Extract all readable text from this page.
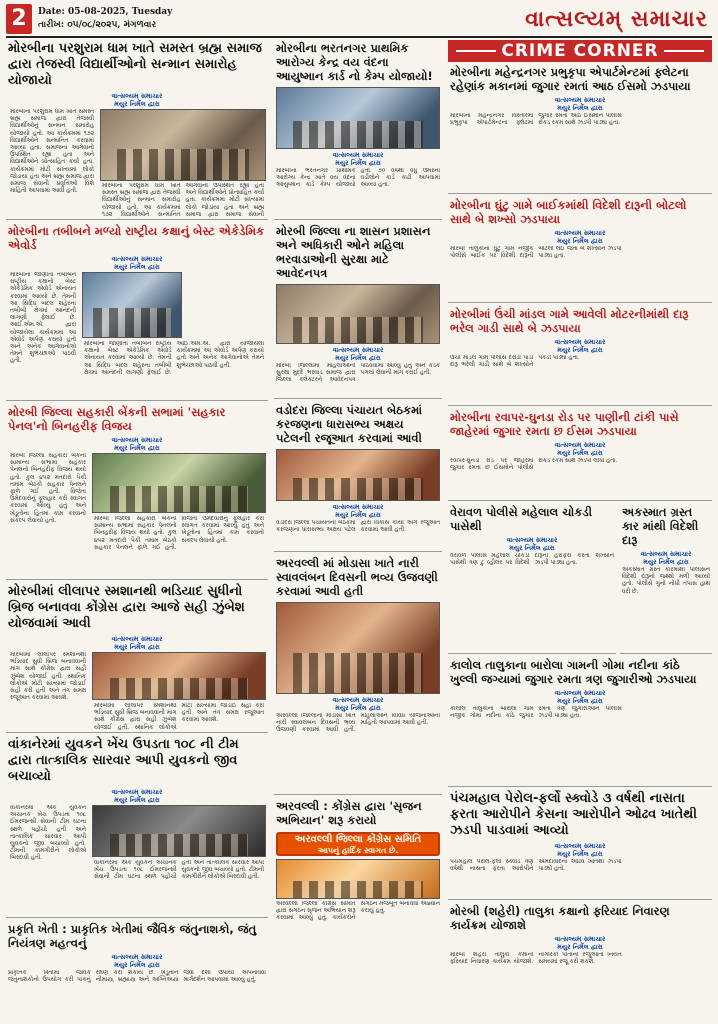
2	Date: 05-08-2025, Tuesday
તારીખ: ૦૫/૦૮/૨૦૨૫, મંગળવાર	વાત્સલ્યમ્ સમાચાર
મોરબીના પરશુરામ ધામ ખાતે સમસ્ત બ્રહ્મ સમાજ દ્વારા તેજસ્વી વિદ્યાર્થીઓનો સન્માન સમારોહ યોજાયો
વાત્સલ્યમ્ સમાચાર
મયુર નિર્મલ દ્વારા
મોરબીના પરશુરામ ધામ ખાતે સમસ્ત બ્રહ્મ સમાજ દ્વારા તેજસ્વી વિદ્યાર્થીઓનું સન્માન સમારોહ યોજાયો હતો. આ કાર્યક્રમમાં ૧૭૨ વિદ્યાર્થીઓને સન્માનિત કરવામાં આવ્યા હતા. સમાજના આગેવાનો ઉપસ્થિત રહ્યા હતા અને વિદ્યાર્થીઓને પ્રોત્સાહિત કર્યા હતા. કાર્યક્રમમાં મોટી સંખ્યામાં લોકો જોડાયા હતા અને બ્રહ્મ સમાજ દ્વારા સમાજ સેવાની પ્રવૃત્તિઓ વિશે માહિતી આપવામાં આવી હતી.
મોરબીના પરશુરામ ધામ ખાતે સમસ્ત બ્રહ્મ સમાજ દ્વારા તેજસ્વી વિદ્યાર્થીઓનું સન્માન સમારોહ યોજાયો હતો. આ કાર્યક્રમમાં ૧૭૨ વિદ્યાર્થીઓને સન્માનિત આગેવાનો ઉપસ્થિત રહ્યા હતા અને વિદ્યાર્થીઓને પ્રોત્સાહિત કર્યા હતા. કાર્યક્રમમાં મોટી સંખ્યામાં લોકો જોડાયા હતા અને બ્રહ્મ સમાજ દ્વારા સમાજ સેવાની
મોરબીના તબીબને મળ્યો રાષ્ટ્રીય કક્ષાનું બેસ્ટ એકેડેમિક એવોર્ડ
વાત્સલ્યમ્ સમાચાર
મયુર નિર્મલ દ્વારા
મોરબીના જાણીતા તબીબને રાષ્ટ્રીય કક્ષાનો બેસ્ટ એકેડેમિક એવોર્ડ એનાયત કરવામાં આવ્યો છે. તેમની આ સિદ્ધિ બદલ શહેરના તબીબી ક્ષેત્રમાં આનંદની લાગણી ફેલાઈ છે. આઈ.એમ.એ. દ્વારા યોજાયેલા કાર્યક્રમમાં આ એવોર્ડ અર્પણ કરાયો હતો અને અનેક આગેવાનોએ તેમને શુભેચ્છાઓ પાઠવી હતી.
મોરબીના જાણીતા તબીબને રાષ્ટ્રીય કક્ષાનો બેસ્ટ એકેડેમિક એવોર્ડ એનાયત કરવામાં આવ્યો છે. તેમની આ સિદ્ધિ બદલ શહેરના તબીબી ક્ષેત્રમાં આનંદની લાગણી ફેલાઈ છે. આઈ.એમ.એ. દ્વારા યોજાયેલા કાર્યક્રમમાં આ એવોર્ડ અર્પણ કરાયો હતો અને અનેક આગેવાનોએ તેમને શુભેચ્છાઓ પાઠવી હતી.
મોરબી જિલ્લા સહકારી બેંકની સભામાં 'સહકાર પેનલ'નો બિનહરીફ વિજય
વાત્સલ્યમ્ સમાચાર
મયુર નિર્મલ દ્વારા
મોરબી જિલ્લા સહકારી બેંકની સામાન્ય સભામાં સહકાર પેનલનો બિનહરીફ વિજય થયો હતો. કુલ ૪૫૨ મતદારો પૈકી તમામ બેઠકો સહકાર પેનલને ફાળે ગઈ હતી. વિજેતા ઉમેદવારોનું ફૂલહાર કરી સ્વાગત કરવામાં આવ્યું હતું અને ખેડૂતોના હિતમાં કામ કરવાનો સંકલ્પ લેવાયો હતો.	મોરબી જિલ્લા સહકારી બેંકની સામાન્ય સભામાં સહકાર પેનલનો બિનહરીફ વિજય થયો હતો. કુલ ૪૫૨ મતદારો પૈકી તમામ બેઠકો સહકાર પેનલને ફાળે ગઈ હતી. વિજેતા ઉમેદવારોનું ફૂલહાર કરી સ્વાગત કરવામાં આવ્યું હતું અને ખેડૂતોના હિતમાં કામ કરવાનો સંકલ્પ લેવાયો હતો.
મોરબીમાં લીલાપર સ્મશાનથી ભડિયાદ સુધીનો બ્રિજ બનાવવા કોંગ્રેસ દ્વારા આજે સહી ઝુંબેશ યોજવામાં આવી
વાત્સલ્યમ્ સમાચાર
મયુર નિર્મલ દ્વારા
મોરબીમાં લીલાપર સ્મશાનથી ભડિયાદ સુધી બ્રિજ બનાવવાની માંગ સાથે કોંગ્રેસ દ્વારા સહી ઝુંબેશ યોજાઈ હતી. સ્થાનિક લોકોએ મોટી સંખ્યામાં જોડાઈ સહી કરી હતી અને તંત્ર સમક્ષ રજૂઆત કરવામાં આવશે.
મોરબીમાં લીલાપર સ્મશાનથી ભડિયાદ સુધી બ્રિજ બનાવવાની માંગ સાથે કોંગ્રેસ દ્વારા સહી ઝુંબેશ યોજાઈ હતી. સ્થાનિક લોકોએ મોટી સંખ્યામાં જોડાઈ સહી કરી હતી અને તંત્ર સમક્ષ રજૂઆત કરવામાં આવશે.
વાંકાનેરમાં યુવકને ખેંચ ઉપડતા ૧૦૮ ની ટીમ દ્વારા તાત્કાલિક સારવાર આપી યુવકનો જીવ બચાવ્યો
વાત્સલ્યમ્ સમાચાર
મયુર નિર્મલ દ્વારા
વાંકાનેરમાં એક યુવકને અચાનક ખેંચ ઉપડતા ૧૦૮ ઈમરજન્સી સેવાની ટીમ ઘટના સ્થળે પહોંચી હતી અને તાત્કાલિક સારવાર આપી યુવકનો જીવ બચાવ્યો હતો. ટીમની કામગીરીને લોકોએ બિરદાવી હતી.
વાંકાનેરમાં એક યુવકને અચાનક ખેંચ ઉપડતા ૧૦૮ ઈમરજન્સી સેવાની ટીમ ઘટના સ્થળે પહોંચી હતી અને તાત્કાલિક સારવાર આપી યુવકનો જીવ બચાવ્યો હતો. ટીમની કામગીરીને લોકોએ બિરદાવી હતી.
પ્રકૃતિ ખેતી : પ્રાકૃતિક ખેતીમાં જૈવિક જંતુનાશકો, જંતુ નિયંત્રણ મહત્વનું
વાત્સલ્યમ્ સમાચાર
મયુર નિર્મલ દ્વારા
પ્રાકૃતિક ખેતીમાં જૈવિક જંતુનાશકોનો ઉપયોગ કરી પાકનું રક્ષણ કરી શકાય છે. ખેડૂતોને નીમાસ્ત્ર, બ્રહ્માસ્ત્ર અને અગ્નિઅસ્ત્ર જેવા દેશી ઉપાયો અપનાવવા માર્ગદર્શન આપવામાં આવ્યું હતું.
મોરબીના ભરતનગર પ્રાથમિક આરોગ્ય કેન્દ્ર વય વંદના આયુષ્માન કાર્ડ નો કેમ્પ યોજાયો!
વાત્સલ્યમ્ સમાચાર
મયુર નિર્મલ દ્વારા
મોરબીના ભરતનગર પ્રાથમિક આરોગ્ય કેન્દ્ર ખાતે વય વંદના આયુષ્માન કાર્ડ કેમ્પ યોજાયો હતો. ૭૦ વર્ષથી વધુ ઉંમરના વડીલોને કાર્ડ કાઢી આપવામાં આવ્યા હતા.
મોરબી જિલ્લા ના શાસન પ્રશાસન અને અધિકારી ઓને મહિલા ભરવાડાઓની સુરક્ષા માટે આવેદનપત્ર
વાત્સલ્યમ્ સમાચાર
મયુર નિર્મલ દ્વારા
મોરબી જિલ્લામાં મહિલાઓની સુરક્ષા મુદ્દે ભરવાડ સમાજ દ્વારા જિલ્લા કલેક્ટરને આવેદનપત્ર પાઠવવામાં આવ્યું હતું અને કડક પગલાં લેવાની માંગ કરાઈ હતી.
વડોદરા જિલ્લા પંચાયત બેઠકમાં કરજણના ધારાસભ્ય અક્ષય પટેલની રજૂઆત કરવામાં આવી
વાત્સલ્યમ્ સમાચાર
મયુર નિર્મલ દ્વારા
વડોદરા જિલ્લા પંચાયતની બેઠકમાં કરજણના ધારાસભ્ય અક્ષય પટેલ દ્વારા વિકાસ કાર્યો અંગે રજૂઆત કરવામાં આવી હતી.
અરવલ્લી માં મોડાસા ખાતે નારી સ્વાવલંબન દિવસની ભવ્ય ઉજવણી કરવામાં આવી હતી
વાત્સલ્યમ્ સમાચાર
મયુર નિર્મલ દ્વારા
અરવલ્લી જિલ્લાના મોડાસા ખાતે નારી સ્વાવલંબન દિવસની ભવ્ય ઉજવણી કરવામાં આવી હતી. મહિલાઓને વિવિધ યોજનાઓની માહિતી આપવામાં આવી હતી.
અરવલ્લી : કોંગ્રેસ દ્વારા 'સૃજન અભિયાન' શરૂ કરાયો
અરવલ્લી જિલ્લા કોંગ્રેસ સમિતિ
આપનું હાર્દિક સ્વાગત છે.
અરવલ્લી જિલ્લા કોંગ્રેસ સમિતિ દ્વારા સંગઠન સૃજન અભિયાન શરૂ કરવામાં આવ્યું હતું. કાર્યકરોને સંગઠન મજબૂત બનાવવા આહ્વાન કરાયું હતું.
CRIME CORNER
મોરબીના મહેન્દ્રનગર પ્રભુકૃપા એપાર્ટમેન્ટમાં ફ્લેટના રહેણાંક મકાનમાં જુગાર રમતાં આઠ ઈસમો ઝડપાયા
વાત્સલ્યમ્ સમાચાર
મયુર નિર્મલ દ્વારા
મોરબીના મહેન્દ્રનગર વિસ્તારમાં પ્રભુકૃપા એપાર્ટમેન્ટના ફ્લેટમાં જુગાર રમતા આઠ ઈસમોને પોલીસે રોકડ રકમ સાથે ઝડપી પાડ્યા હતા.
મોરબીના ઘુંટુ ગામે બાઈકમાંથી વિદેશી દારૂની બોટલો સાથે બે શખ્સો ઝડપાયા
વાત્સલ્યમ્ સમાચાર
મયુર નિર્મલ દ્વારા
મોરબી તાલુકાના ઘુંટુ ગામ નજીક પોલીસે બાઈક પર વિદેશી દારૂની બોટલો લઈ જતા બે શખ્સોને ઝડપી પાડ્યા હતા.
મોરબીમાં ઉંચી માંડલ ગામે આવેલી મોટરનીમાંથી દારૂ ભરેલ ગાડી સાથે બે ઝડપાયા
વાત્સલ્યમ્ સમાચાર
મયુર નિર્મલ દ્વારા
ઉંચી માંડલ ગામે પોલીસે દરોડો પાડી દારૂ ભરેલી ગાડી સાથે બે શખ્સોને પકડી પાડ્યા હતા.
મોરબીના રવાપર-ઘુનડા રોડ પર પાણીની ટાંકી પાસે જાહેરમાં જુગાર રમતા છ ઈસમ ઝડપાયા
વાત્સલ્યમ્ સમાચાર
મયુર નિર્મલ દ્વારા
રવાપર-ઘુનડા રોડ પર જાહેરમાં જુગાર રમતા છ ઈસમોને પોલીસે રોકડ રકમ સાથે ઝડપી લીધા હતા.
વેરાવળ પોલીસે મહેલાલ ચોકડી પાસેથી
વાત્સલ્યમ્ સમાચાર
મયુર નિર્મલ દ્વારા
વેરાવળ પોલીસે મહેલાલ ચોકડી પાસેથી ત્રણ ટુ વ્હીલર પર વિદેશી દારૂની હેરાફેરી કરતા શખ્સોને ઝડપી પાડ્યા હતા.
અકસ્માત ગ્રસ્ત કાર માંથી વિદેશી દારૂ
વાત્સલ્યમ્ સમાચાર
મયુર નિર્મલ દ્વારા
અકસ્માત ગ્રસ્ત કારમાંથી પોલીસને વિદેશી દારૂનો જથ્થો મળી આવ્યો હતો. પોલીસે ગુનો નોંધી તપાસ હાથ ધરી છે.
કાલોલ તાલુકાના બારોલા ગામની ગોમા નદીના કાંઠે ખુલ્લી જગ્યામાં જુગાર રમતા ત્રણ જુગારીઓ ઝડપાયા
વાત્સલ્યમ્ સમાચાર
મયુર નિર્મલ દ્વારા
કાલોલ તાલુકાના બારોલા ગામ નજીક ગોમા નદીના કાંઠે જુગાર રમતા ત્રણ જુગારીઓને પોલીસે ઝડપી પાડ્યા હતા.
પંચમહાલ પેરોલ-ફર્લો સ્ક્વોડે ૩ વર્ષથી નાસતા ફરતા આરોપીને કેસના આરોપીને ઓઢવ ખાતેથી ઝડપી પાડવામાં આવ્યો
વાત્સલ્યમ્ સમાચાર
મયુર નિર્મલ દ્વારા
પંચમહાલ પેરોલ-ફર્લો સ્ક્વોડે ત્રણ વર્ષથી નાસતા ફરતા આરોપીને અમદાવાદના ઓઢવ ખાતેથી ઝડપી પાડ્યો હતો.
મોરબી (શહેરી) તાલુકા કક્ષાનો ફરિયાદ નિવારણ કાર્યક્રમ યોજાશે
વાત્સલ્યમ્ સમાચાર
મયુર નિર્મલ દ્વારા
મોરબી શહેરી તાલુકા કક્ષાનો ફરિયાદ નિવારણ કાર્યક્રમ યોજાશે. નાગરિકો પોતાની રજૂઆતો નિયત સમયમાં રજૂ કરી શકશે.
